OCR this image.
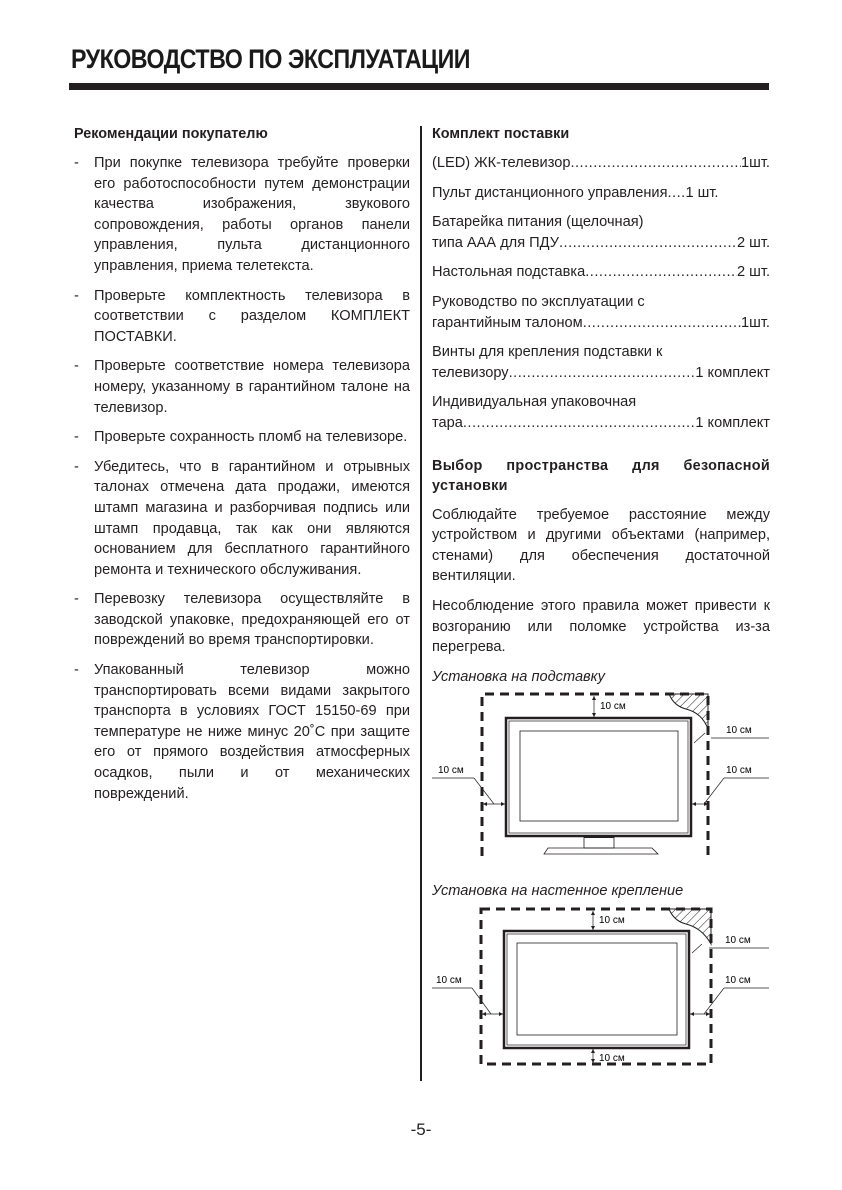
РУКОВОДСТВО ПО ЭКСПЛУАТАЦИИ
Рекомендации покупателю
- При покупке телевизора требуйте проверки его работоспособности путем демонстрации качества изображения, звукового сопровождения, работы органов панели управления, пульта дистанционного управления, приема телетекста.
- Проверьте комплектность телевизора в соответствии с разделом КОМПЛЕКТ ПОСТАВКИ.
- Проверьте соответствие номера телевизора номеру, указанному в гарантийном талоне на телевизор.
- Проверьте сохранность пломб на телевизоре.
- Убедитесь, что в гарантийном и отрывных талонах отмечена дата продажи, имеются штамп магазина и разборчивая подпись или штамп продавца, так как они являются основанием для бесплатного гарантийного ремонта и технического обслуживания.
- Перевозку телевизора осуществляйте в заводской упаковке, предохраняющей его от повреждений во время транспортировки.
- Упакованный телевизор можно транспортировать всеми видами закрытого транспорта в условиях ГОСТ 15150-69 при температуре не ниже минус 20˚С при защите его от прямого воздействия атмосферных осадков, пыли и от механических повреждений.
Комплект поставки

(LED) ЖК-телевизор .....	1шт.

Пульт дистанционного управления ..... 1 шт.

Батарейка питания (щелочная)
типа ААА для ПДУ .....	2 шт.

Настольная подставка .....	2 шт.

Руководство по эксплуатации с
гарантийным талоном .....	1шт.

Винты для крепления подставки к
телевизору .....	1 комплект

Индивидуальная упаковочная
тара .....	1 комплект

Выбор пространства для безопасной установки

Соблюдайте требуемое расстояние между устройством и другими объектами (например, стенами) для обеспечения достаточной вентиляции.

Несоблюдение этого правила может привести к возгоранию или поломке устройства из-за перегрева.

Установка на подставку

10 см
10 см
10 см	10 см

Установка на настенное крепление

10 см
10 см
10 см
10 см	10 см
-5-
